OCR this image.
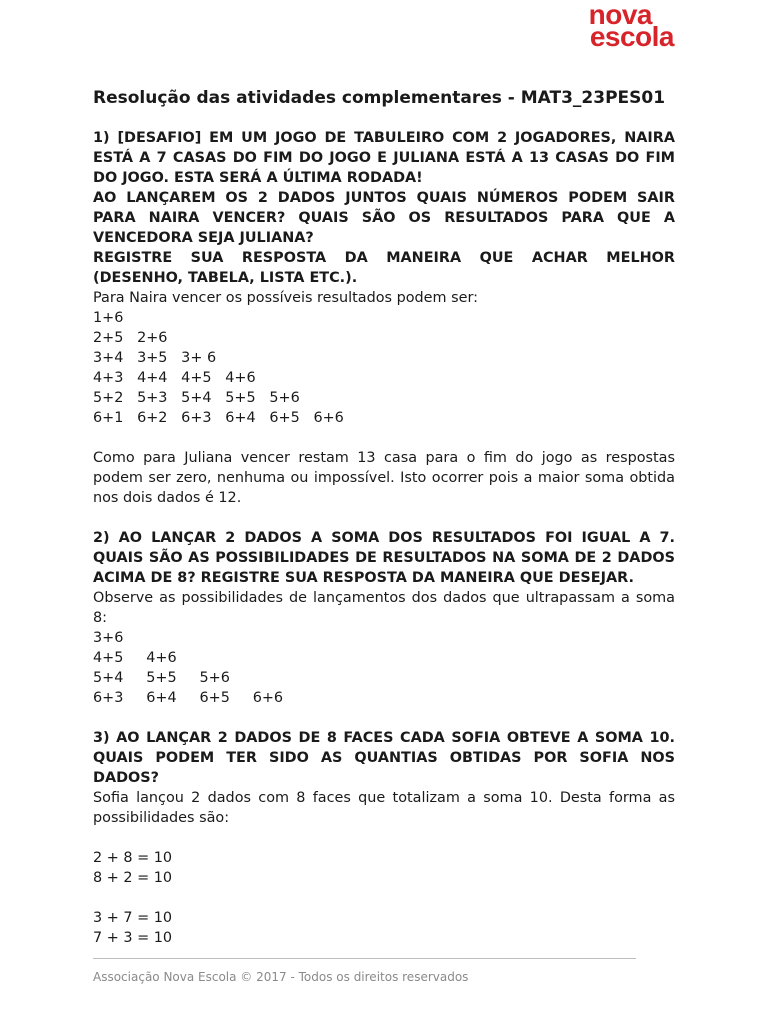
nova
escola
Resolução das atividades complementares - MAT3_23PES01
1) [DESAFIO] EM UM JOGO DE TABULEIRO COM 2 JOGADORES, NAIRA ESTÁ A 7 CASAS DO FIM DO JOGO E JULIANA ESTÁ A 13 CASAS DO FIM DO JOGO. ESTA SERÁ A ÚLTIMA RODADA!
AO LANÇAREM OS 2 DADOS JUNTOS QUAIS NÚMEROS PODEM SAIR PARA NAIRA VENCER? QUAIS SÃO OS RESULTADOS PARA QUE A VENCEDORA SEJA JULIANA?
REGISTRE SUA RESPOSTA DA MANEIRA QUE ACHAR MELHOR (DESENHO, TABELA, LISTA ETC.).
Para Naira vencer os possíveis resultados podem ser:
1+6
2+5   2+6
3+4   3+5   3+ 6
4+3   4+4   4+5   4+6
5+2   5+3   5+4   5+5   5+6
6+1   6+2   6+3   6+4   6+5   6+6
Como para Juliana vencer restam 13 casa para o fim do jogo as respostas podem ser zero, nenhuma ou impossível. Isto ocorrer pois a maior soma obtida nos dois dados é 12.
2) AO LANÇAR 2 DADOS A SOMA DOS RESULTADOS FOI IGUAL A 7. QUAIS SÃO AS POSSIBILIDADES DE RESULTADOS NA SOMA DE 2 DADOS ACIMA DE 8? REGISTRE SUA RESPOSTA DA MANEIRA QUE DESEJAR.
Observe as possibilidades de lançamentos dos dados que ultrapassam a soma 8:
3+6
4+5     4+6
5+4     5+5     5+6
6+3     6+4     6+5     6+6
3) AO LANÇAR 2 DADOS DE 8 FACES CADA SOFIA OBTEVE A SOMA 10. QUAIS PODEM TER SIDO AS QUANTIAS OBTIDAS POR SOFIA NOS DADOS?
Sofia lançou 2 dados com 8 faces que totalizam a soma 10. Desta forma as possibilidades são:
2 + 8 = 10
8 + 2 = 10
3 + 7 = 10
7 + 3 = 10
Associação Nova Escola © 2017 - Todos os direitos reservados
